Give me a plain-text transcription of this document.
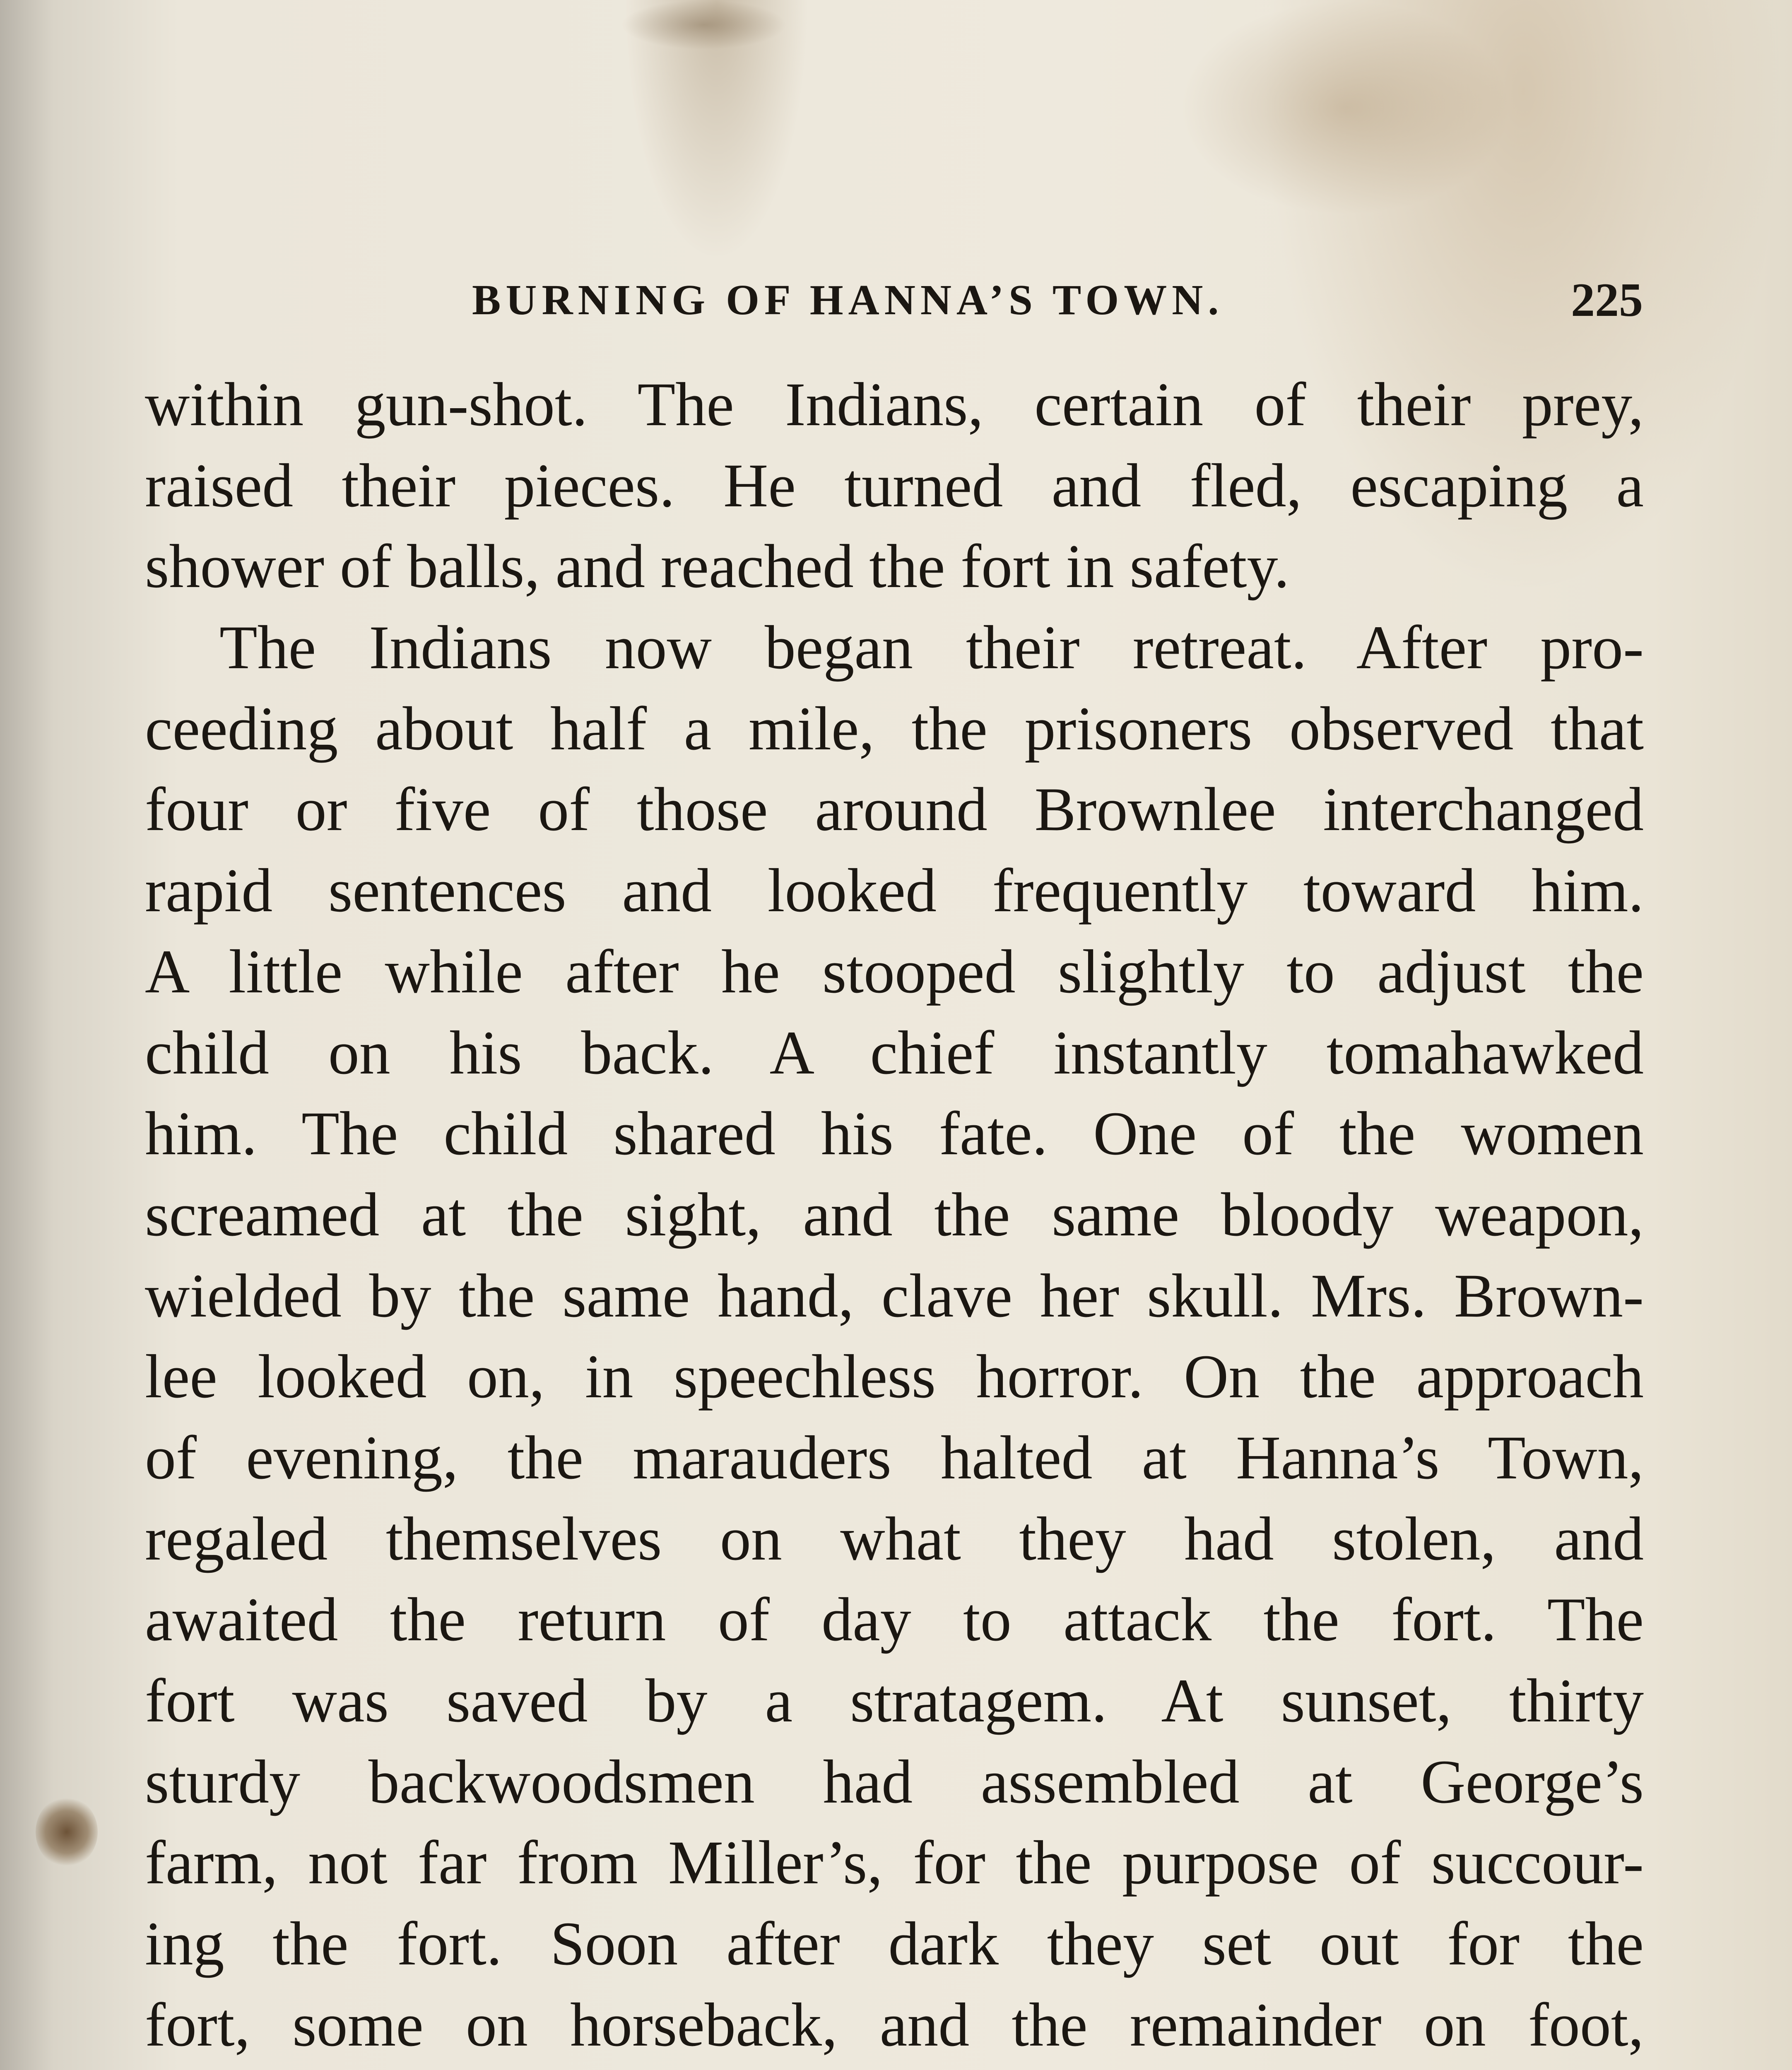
BURNING OF HANNA’S TOWN.	225
within gun-shot. The Indians, certain of their prey,
raised their pieces. He turned and fled, escaping a
shower of balls, and reached the fort in safety.
The Indians now began their retreat. After pro-
ceeding about half a mile, the prisoners observed that
four or five of those around Brownlee interchanged
rapid sentences and looked frequently toward him.
A little while after he stooped slightly to adjust the
child on his back. A chief instantly tomahawked
him. The child shared his fate. One of the women
screamed at the sight, and the same bloody weapon,
wielded by the same hand, clave her skull. Mrs. Brown-
lee looked on, in speechless horror. On the approach
of evening, the marauders halted at Hanna’s Town,
regaled themselves on what they had stolen, and
awaited the return of day to attack the fort. The
fort was saved by a stratagem. At sunset, thirty
sturdy backwoodsmen had assembled at George’s
farm, not far from Miller’s, for the purpose of succour-
ing the fort. Soon after dark they set out for the
fort, some on horseback, and the remainder on foot,
